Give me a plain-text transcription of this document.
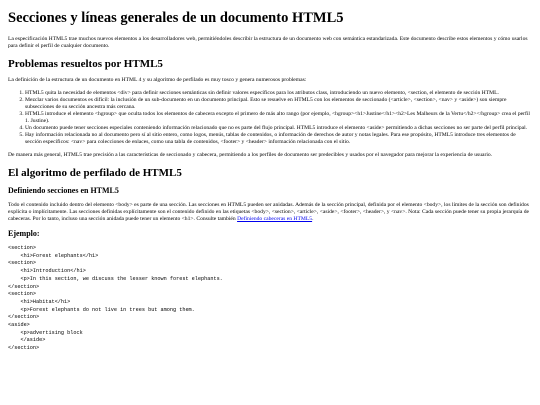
Secciones y líneas generales de un documento HTML5

La especificación HTML5 trae muchos nuevos elementos a los desarrolladores web, permitiéndoles describir la estructura de un documento web con semántica estandarizada. Este documento describe estos elementos y cómo usarlos para definir el perfil de cualquier documento.

Problemas resueltos por HTML5

La definición de la estructura de un documento en HTML 4 y su algoritmo de perfilado es muy tosco y genera numerosos problemas:

1. HTML5 quita la necesidad de elementos <div> para definir secciones semánticas sin definir valores específicos para los atributos class, introduciendo un nuevo elemento, <section, el elemento de sección HTML.
2. Mezclar varios documentos es difícil: la inclusión de un sub-documento en un documento principal. Esto se resuelve en HTML5 con los elementos de seccionado (<article>, <section>, <nav> y <aside>) son siempre subsecciones de su sección ancestra más cercana.
3. HTML5 introduce el elemento <hgroup> que oculta todos los elementos de cabecera excepto el primero de más alto rango (por ejemplo, <hgroup><h1>Justine</h1><h2>Les Malheurs de la Vertu</h2></hgroup> crea el perfil 1. Justine).
4. Un documento puede tener secciones especiales conteniendo información relacionado que no es parte del flujo principal. HTML5 introduce el elemento <aside> permitiendo a dichas secciones no ser parte del perfil principal.
5. Hay información relacionada no al documento pero sí al sitio entero, como logos, menús, tablas de contenidos, o información de derechos de autor y notas legales. Para ese propósito, HTML5 introduce tres elementos de sección específicos: <nav> para colecciones de enlaces, como una tabla de contenidos, <footer> y <header> información relacionada con el sitio.

De manera más general, HTML5 trae precisión a las características de seccionado y cabecera, permitiendo a los perfiles de documento ser predecibles y usados por el navegador para mejorar la experiencia de usuario.

El algoritmo de perfilado de HTML5
Definiendo secciones en HTML5

Todo el contenido incluido dentro del elemento <body> es parte de una sección. Las secciones en HTML5 pueden ser anidadas. Además de la sección principal, definida por el elemento <body>, los límites de la sección son definidos explícita o implícitamente. Las secciones definidas explícitamente son el contenido definido en las etiquetas <body>, <section>, <article>, <aside>, <footer>, <header>, y <nav>. Nota: Cada sección puede tener su propia jerarquía de cabeceras. Por lo tanto, incluso una sección anidada puede tener un elemento <h1>. Consulte también Definiendo cabeceras en HTML5.

Ejemplo:
<section>
<h1>Forest elephants</h1>
<section>
<h1>Introduction</h1>
<p>In this section, we discuss the lesser known forest elephants.
</section>
<section>
<h1>Habitat</h1>
<p>Forest elephants do not live in trees but among them.
</section>
<aside>
<p>advertising block
</aside>
</section>
